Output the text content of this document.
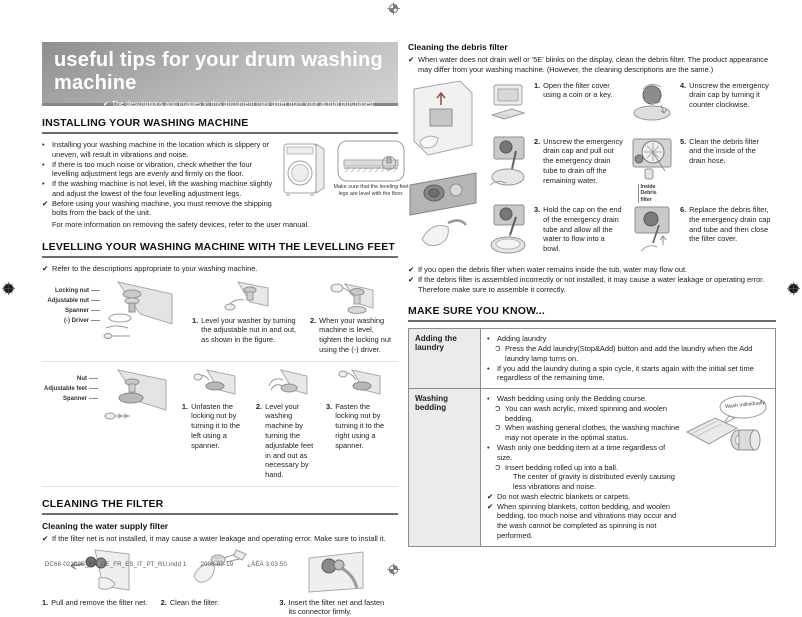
useful tips for your drum washing machine
✔ The descriptions and images in this document may differ from your actual purchased product. For more information, refer to the user manual.
INSTALLING YOUR WASHING MACHINE
•	Installing your washing machine in the location which is slippery or uneven, will result in vibrations and noise.
•	If there is too much noise or vibration, check whether the four levelling adjustment legs are evenly and firmly on the floor.
•	If the washing machine is not level, lift the washing machine slightly and adjust the lowest of the four levelling adjustment legs.
✔ Before using your washing machine, you must remove the shipping bolts from the back of the unit.
Make sure that the leveling feet legs are level with the floor.
For more information on removing the safety devices, refer to the user manual.
LEVELLING YOUR WASHING MACHINE WITH THE LEVELLING FEET
✔ Refer to the descriptions appropriate to your washing machine.
Locking nut
Adjustable nut
Spanner
(-) Driver	1. Level your washer by turning the adjustable nut in and out, as shown in the figure.
2. When your washing machine is level, tighten the locking nut using the (-) driver.
Nut
Adjustable feet
Spanner
1. Unfasten the locking nut by turning it to the left using a spanner.
2. Level your washing machine by turning the adjustable feet in and out as necessary by hand.
3. Fasten the locking nut by turning it to the right using a spanner.
CLEANING THE FILTER
Cleaning the water supply filter
✔ If the filter net is not installed, it may cause a water leakage and operating error. Make sure to install it.
1. Pull and remove the filter net. 2. Clean the filter.	3. Insert the filter net and fasten its connector firmly.
Cleaning the debris filter
✔ When water does not drain well or '5E' blinks on the display, clean the debris filter. The product appearance may differ from your washing machine. (However, the cleaning descriptions are the same.)
1. Open the filter cover using a coin or a key.
4. Unscrew the emergency drain cap by turning it counter clockwise.
2. Unscrew the emergency drain cap and pull out the emergency drain tube to drain off the remaining water.
Inside Debris filter
5. Clean the debris filter and the inside of the drain hose.
3. Hold the cap on the end of the emergency drain tube and allow all the water to flow into a bowl.
6. Replace the debris filter, the emergency drain cap and tube and then close the filter cover.
✔ If you open the debris filter when water remains inside the tub, water may flow out.
✔ If the debris filter is assembled incorrectly or not installed, it may cause a water leakage or operating error. Therefore make sure to assemble it correctly.
MAKE SURE YOU KNOW...
Adding the laundry
•	Adding laundry
Ɔ Press the Add laundry(Stop&Add) button and add the laundry when the Add laundry lamp turns on.
•	If you add the laundry during a spin cycle, it starts again with the initial set time regardless of the remaining time.
Washing bedding
•	Wash bedding using only the Bedding course.
Ɔ You can wash acrylic, mixed spinning and woolen bedding.
Ɔ When washing general clothes, the washing machine may not operate in the optimal status.
•	Wash only one bedding item at a time regardless of size.
Ɔ Insert bedding rolled up into a ball.
The center of gravity is distributed evenly causing less vibrations and noise.
✔ Do not wash electric blankets or carpets.
✔ When spinning blankets, cotton bedding, and woolen bedding, too much noise and vibrations may occur and the wash cannot be completed as spinning is not performed.
Wash individually
DC68-02209B_EN_DE_FR_ES_IT_PT_RU.indd 1 2008-03-19 ¿ÀÈÄ 3:03:50
